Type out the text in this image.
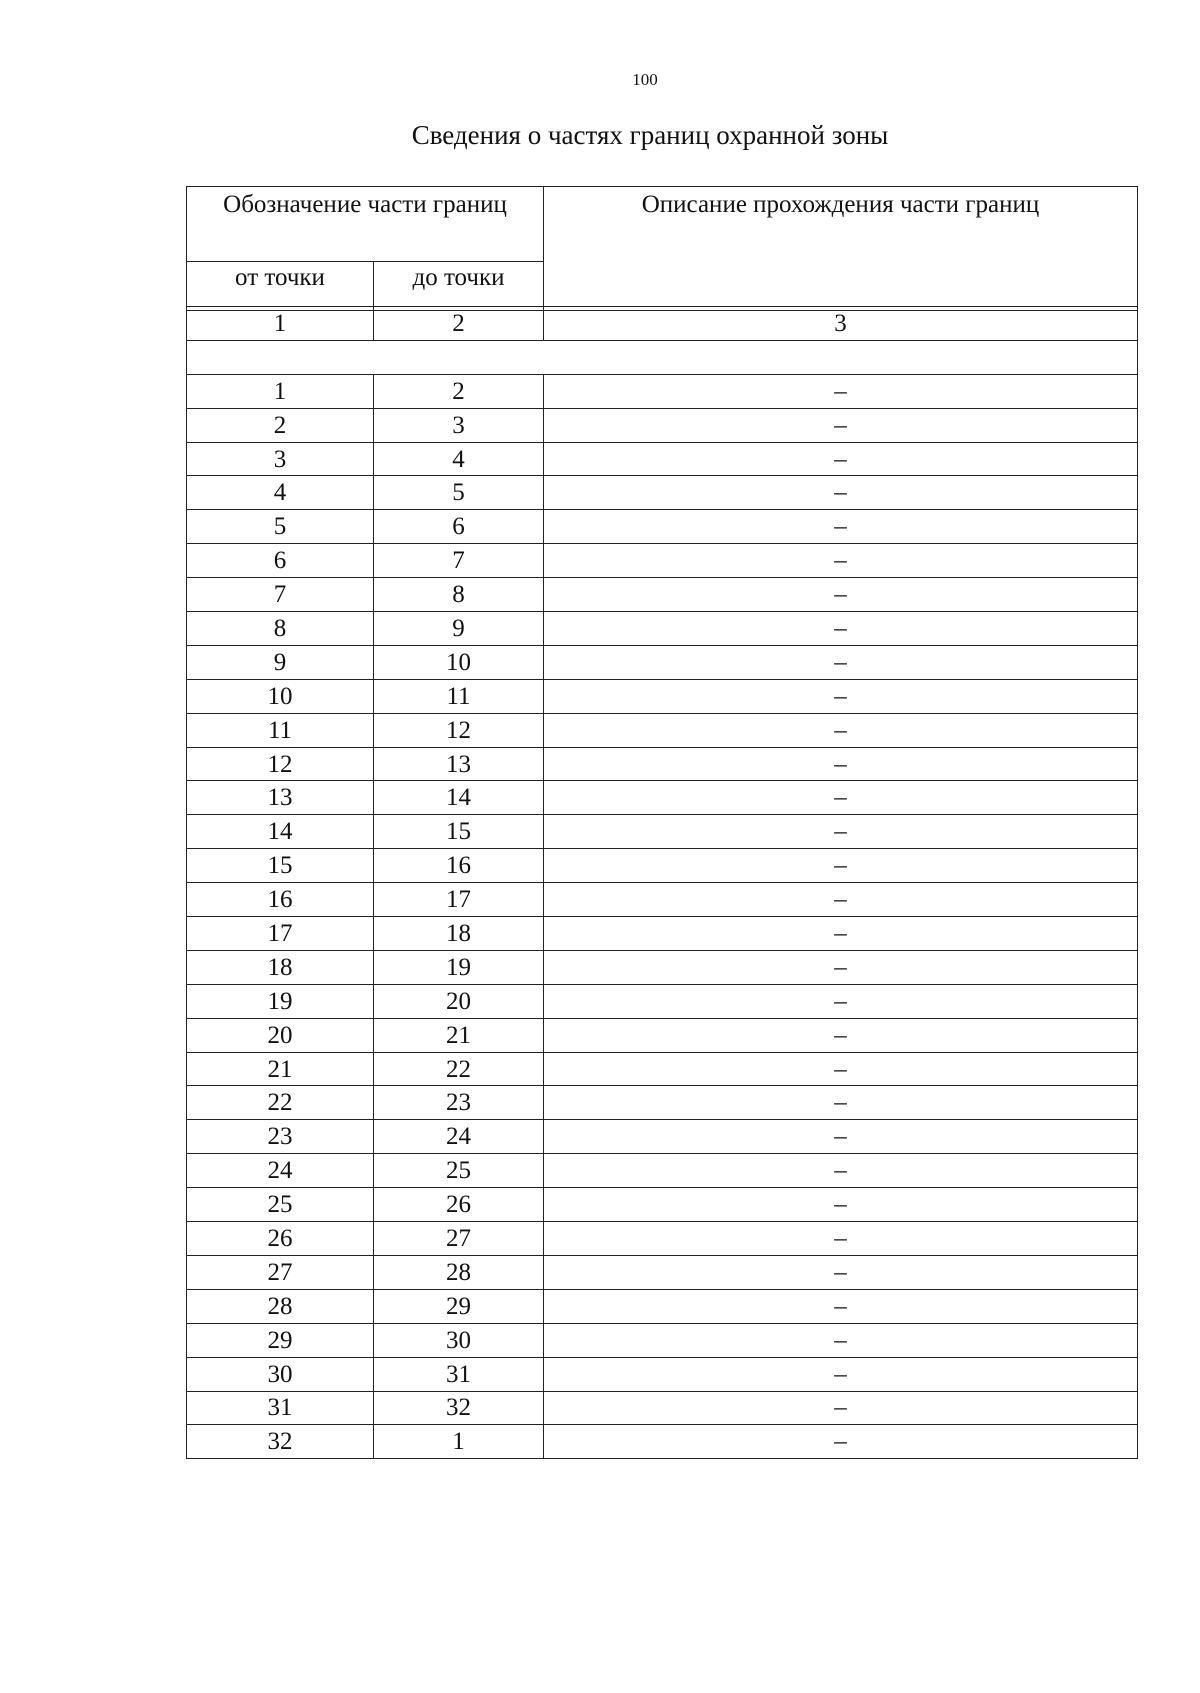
100
Сведения о частях границ охранной зоны
Обозначение части границ		Описание прохождения части границ
от точки	до точки	
1	2	3

1	2	–
2	3	–
3	4	–
4	5	–
5	6	–
6	7	–
7	8	–
8	9	–
9	10	–
10	11	–
11	12	–
12	13	–
13	14	–
14	15	–
15	16	–
16	17	–
17	18	–
18	19	–
19	20	–
20	21	–
21	22	–
22	23	–
23	24	–
24	25	–
25	26	–
26	27	–
27	28	–
28	29	–
29	30	–
30	31	–
31	32	–
32	1	–
